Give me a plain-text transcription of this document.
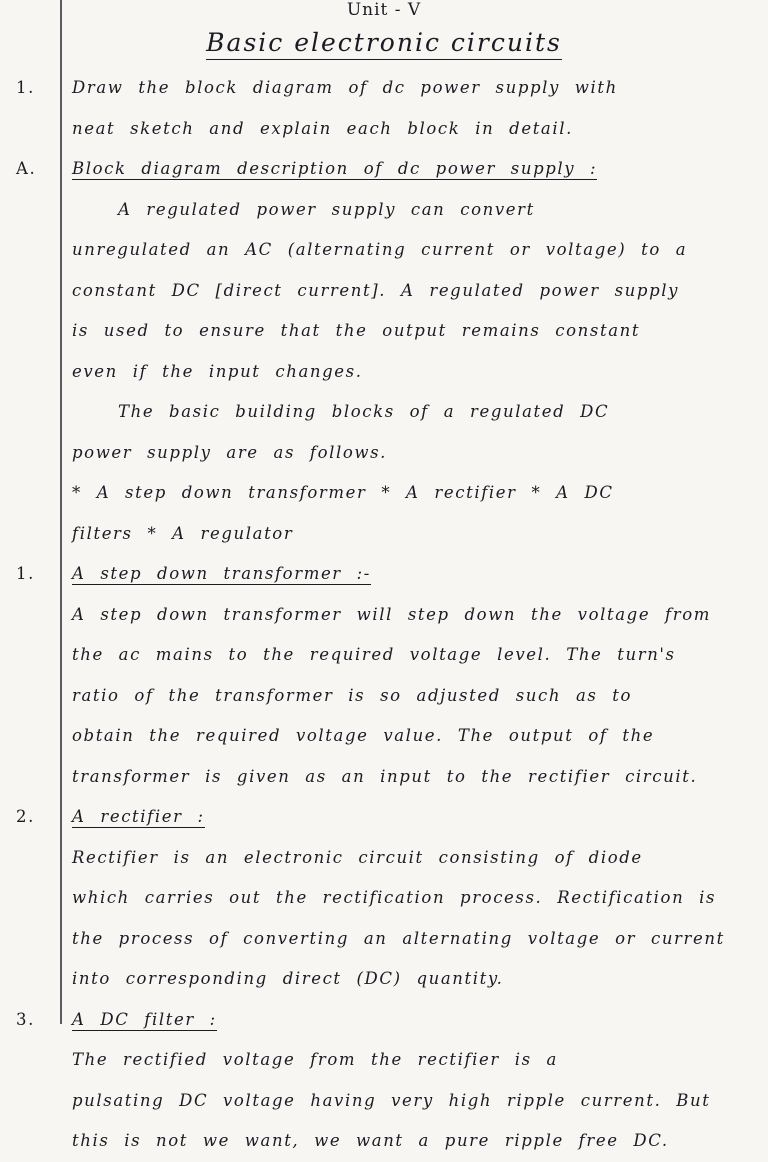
Unit - V
Basic electronic circuits
1.	Draw the block diagram of dc power supply with
neat sketch and explain each block in detail.
A.	Block diagram description of dc power supply :
A regulated power supply can convert
unregulated an AC (alternating current or voltage) to a
constant DC [direct current]. A regulated power supply
is used to ensure that the output remains constant
even if the input changes.
The basic building blocks of a regulated DC
power supply are as follows.
* A step down transformer * A rectifier * A DC
filters * A regulator
1.	A step down transformer :-
A step down transformer will step down the voltage from
the ac mains to the required voltage level. The turn's
ratio of the transformer is so adjusted such as to
obtain the required voltage value. The output of the
transformer is given as an input to the rectifier circuit.
2.	A rectifier :
Rectifier is an electronic circuit consisting of diode
which carries out the rectification process. Rectification is
the process of converting an alternating voltage or current
into corresponding direct (DC) quantity.
3.	A DC filter :
The rectified voltage from the rectifier is a
pulsating DC voltage having very high ripple current. But
this is not we want, we want a pure ripple free DC.
